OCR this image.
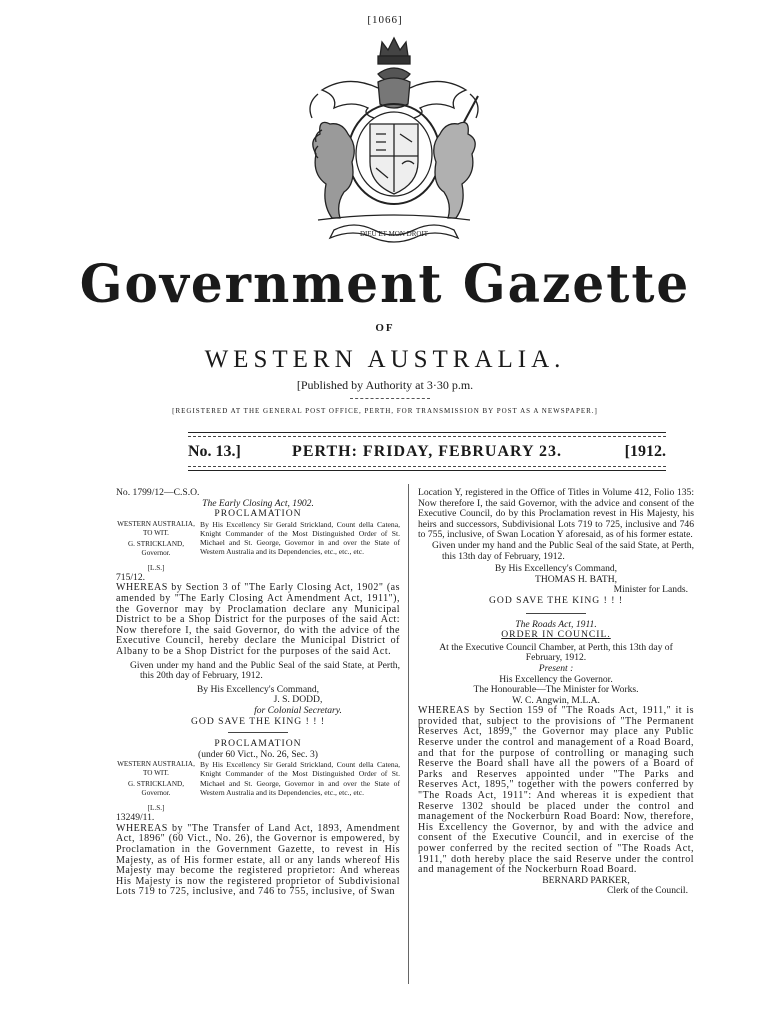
[1066]
DIEU ET MON DROIT
Government Gazette
OF
WESTERN AUSTRALIA.
[Published by Authority at 3·30 p.m.
[REGISTERED AT THE GENERAL POST OFFICE, PERTH, FOR TRANSMISSION BY POST AS A NEWSPAPER.]
No. 13.]	PERTH: FRIDAY, FEBRUARY 23.	[1912.

No. 1799/12—C.S.O.

The Early Closing Act, 1902.

PROCLAMATION

WESTERN AUSTRALIA,
TO WIT.
G. STRICKLAND,
Governor.
[L.S.]
By His Excellency Sir Gerald Strickland, Count della Catena, Knight Commander of the Most Distinguished Order of St. Michael and St. George, Governor in and over the State of Western Australia and its Dependencies, etc., etc., etc.

715/12.

WHEREAS by Section 3 of "The Early Closing Act, 1902" (as amended by "The Early Closing Act Amendment Act, 1911"), the Governor may by Proclamation declare any Municipal District to be a Shop District for the purposes of the said Act: Now therefore I, the said Governor, do with the advice of the Executive Council, hereby declare the Municipal District of Albany to be a Shop District for the purposes of the said Act.

Given under my hand and the Public Seal of the said State, at Perth, this 20th day of February, 1912.

By His Excellency's Command,

J. S. DODD,

for Colonial Secretary.

GOD SAVE THE KING ! ! !

PROCLAMATION

(under 60 Vict., No. 26, Sec. 3)

WESTERN AUSTRALIA,
TO WIT.
G. STRICKLAND,
Governor.
[L.S.]
By His Excellency Sir Gerald Strickland, Count della Catena, Knight Commander of the Most Distinguished Order of St. Michael and St. George, Governor in and over the State of Western Australia and its Dependencies, etc., etc., etc.

13249/11.

WHEREAS by "The Transfer of Land Act, 1893, Amendment Act, 1896" (60 Vict., No. 26), the Governor is empowered, by Proclamation in the Government Gazette, to revest in His Majesty, as of His former estate, all or any lands whereof His Majesty may become the registered proprietor: And whereas His Majesty is now the registered proprietor of Subdivisional Lots 719 to 725, inclusive, and 746 to 755, inclusive, of Swan

Location Y, registered in the Office of Titles in Volume 412, Folio 135: Now therefore I, the said Governor, with the advice and consent of the Executive Council, do by this Proclamation revest in His Majesty, his heirs and successors, Subdivisional Lots 719 to 725, inclusive and 746 to 755, inclusive, of Swan Location Y aforesaid, as of his former estate.

Given under my hand and the Public Seal of the said State, at Perth, this 13th day of February, 1912.

By His Excellency's Command,

THOMAS H. BATH,

Minister for Lands.

GOD SAVE THE KING ! ! !

The Roads Act, 1911.

ORDER IN COUNCIL.

At the Executive Council Chamber, at Perth, this 13th day of February, 1912.

Present :

His Excellency the Governor.

The Honourable—The Minister for Works.

W. C. Angwin, M.L.A.

WHEREAS by Section 159 of "The Roads Act, 1911," it is provided that, subject to the provisions of "The Permanent Reserves Act, 1899," the Governor may place any Public Reserve under the control and management of a Road Board, and that for the purpose of controlling or managing such Reserve the Board shall have all the powers of a Board of Parks and Reserves appointed under "The Parks and Reserves Act, 1895," together with the powers conferred by "The Roads Act, 1911": And whereas it is expedient that Reserve 1302 should be placed under the control and management of the Nockerburn Road Board: Now, therefore, His Excellency the Governor, by and with the advice and consent of the Executive Council, and in exercise of the power conferred by the recited section of "The Roads Act, 1911," doth hereby place the said Reserve under the control and management of the Nockerburn Road Board.

BERNARD PARKER,

Clerk of the Council.
